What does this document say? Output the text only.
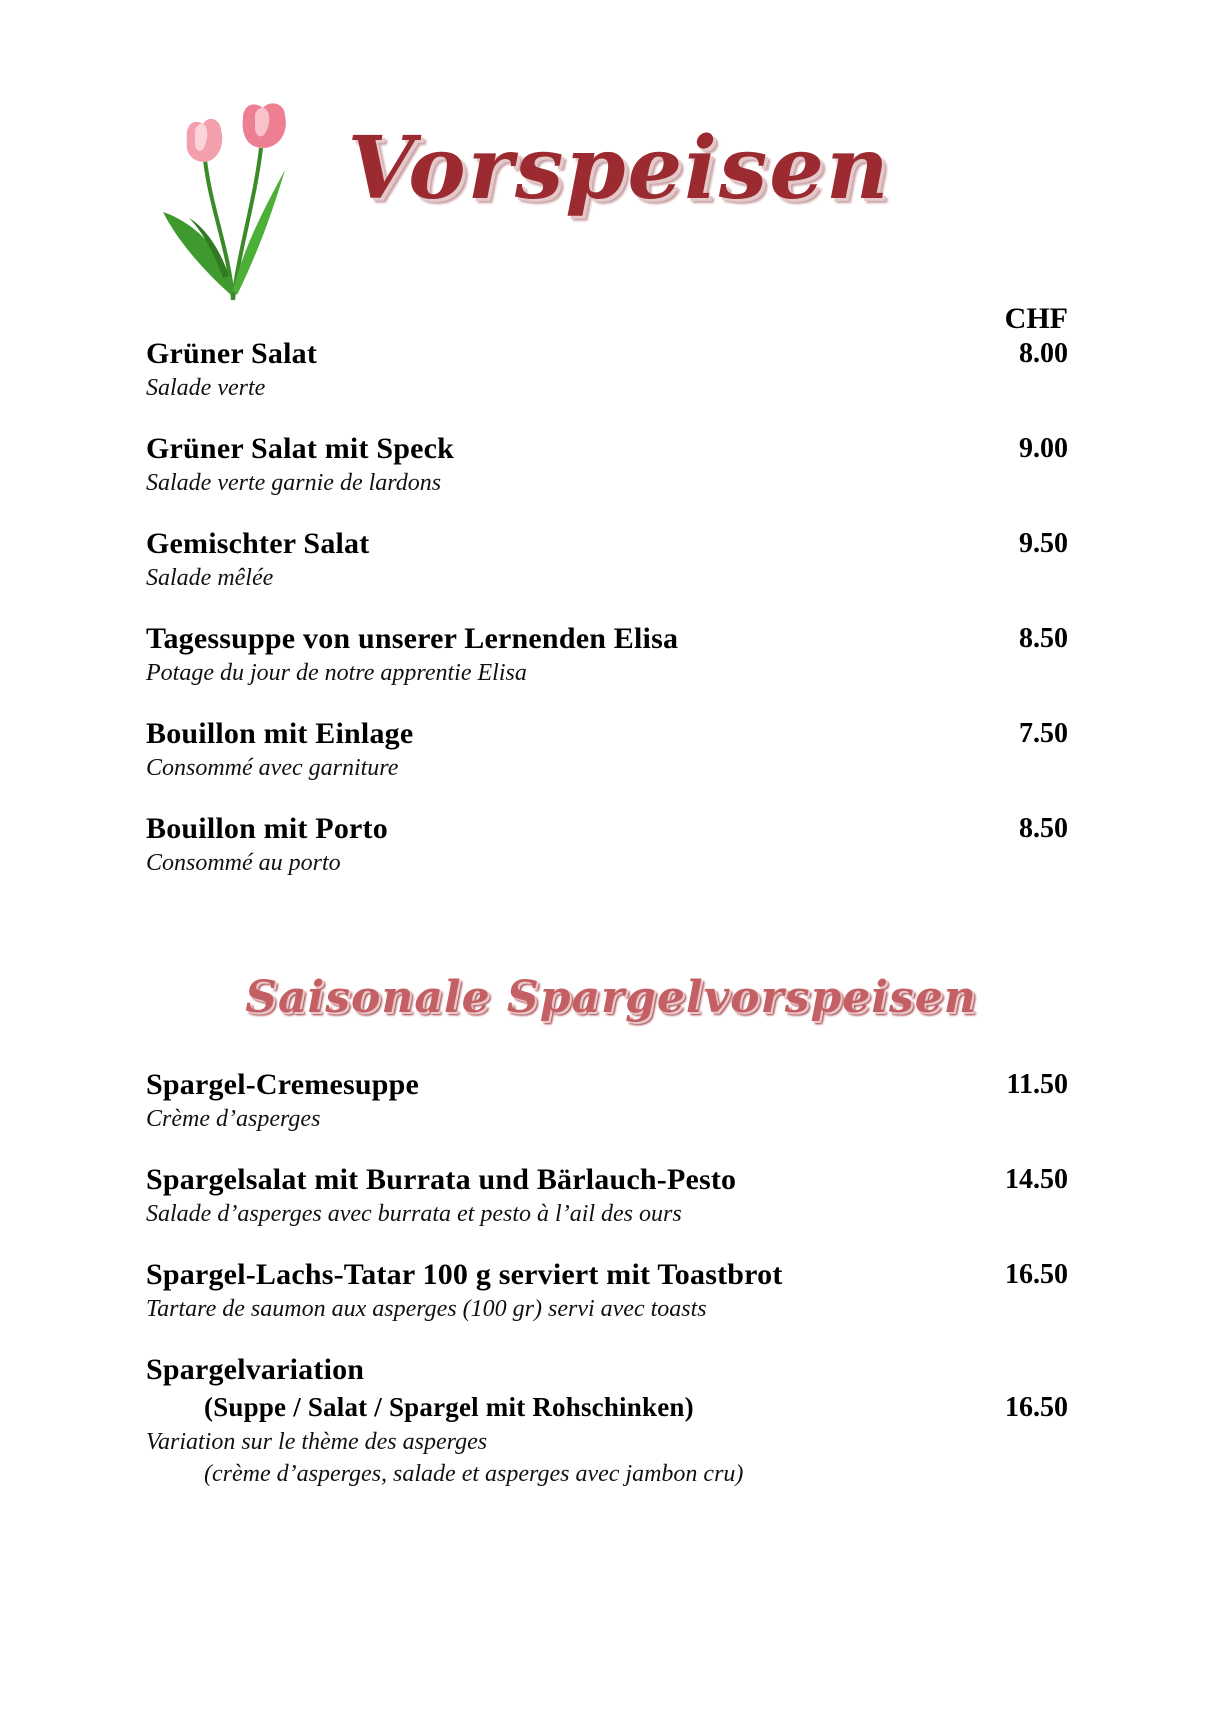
Vorspeisen
CHF
Grüner Salat
Salade verte
8.00
Grüner Salat mit Speck
Salade verte garnie de lardons
9.00
Gemischter Salat
Salade mêlée
9.50
Tagessuppe von unserer Lernenden Elisa
Potage du jour de notre apprentie Elisa
8.50
Bouillon mit Einlage
Consommé avec garniture
7.50
Bouillon mit Porto
Consommé au porto
8.50
Saisonale Spargelvorspeisen
Spargel-Cremesuppe
Crème d’asperges
11.50
Spargelsalat mit Burrata und Bärlauch-Pesto
Salade d’asperges avec burrata et pesto à l’ail des ours
14.50
Spargel-Lachs-Tatar 100 g serviert mit Toastbrot
Tartare de saumon aux asperges (100 gr) servi avec toasts
16.50
Spargelvariation
(Suppe / Salat / Spargel mit Rohschinken)
Variation sur le thème des asperges
(crème d’asperges, salade et asperges avec jambon cru)
16.50
